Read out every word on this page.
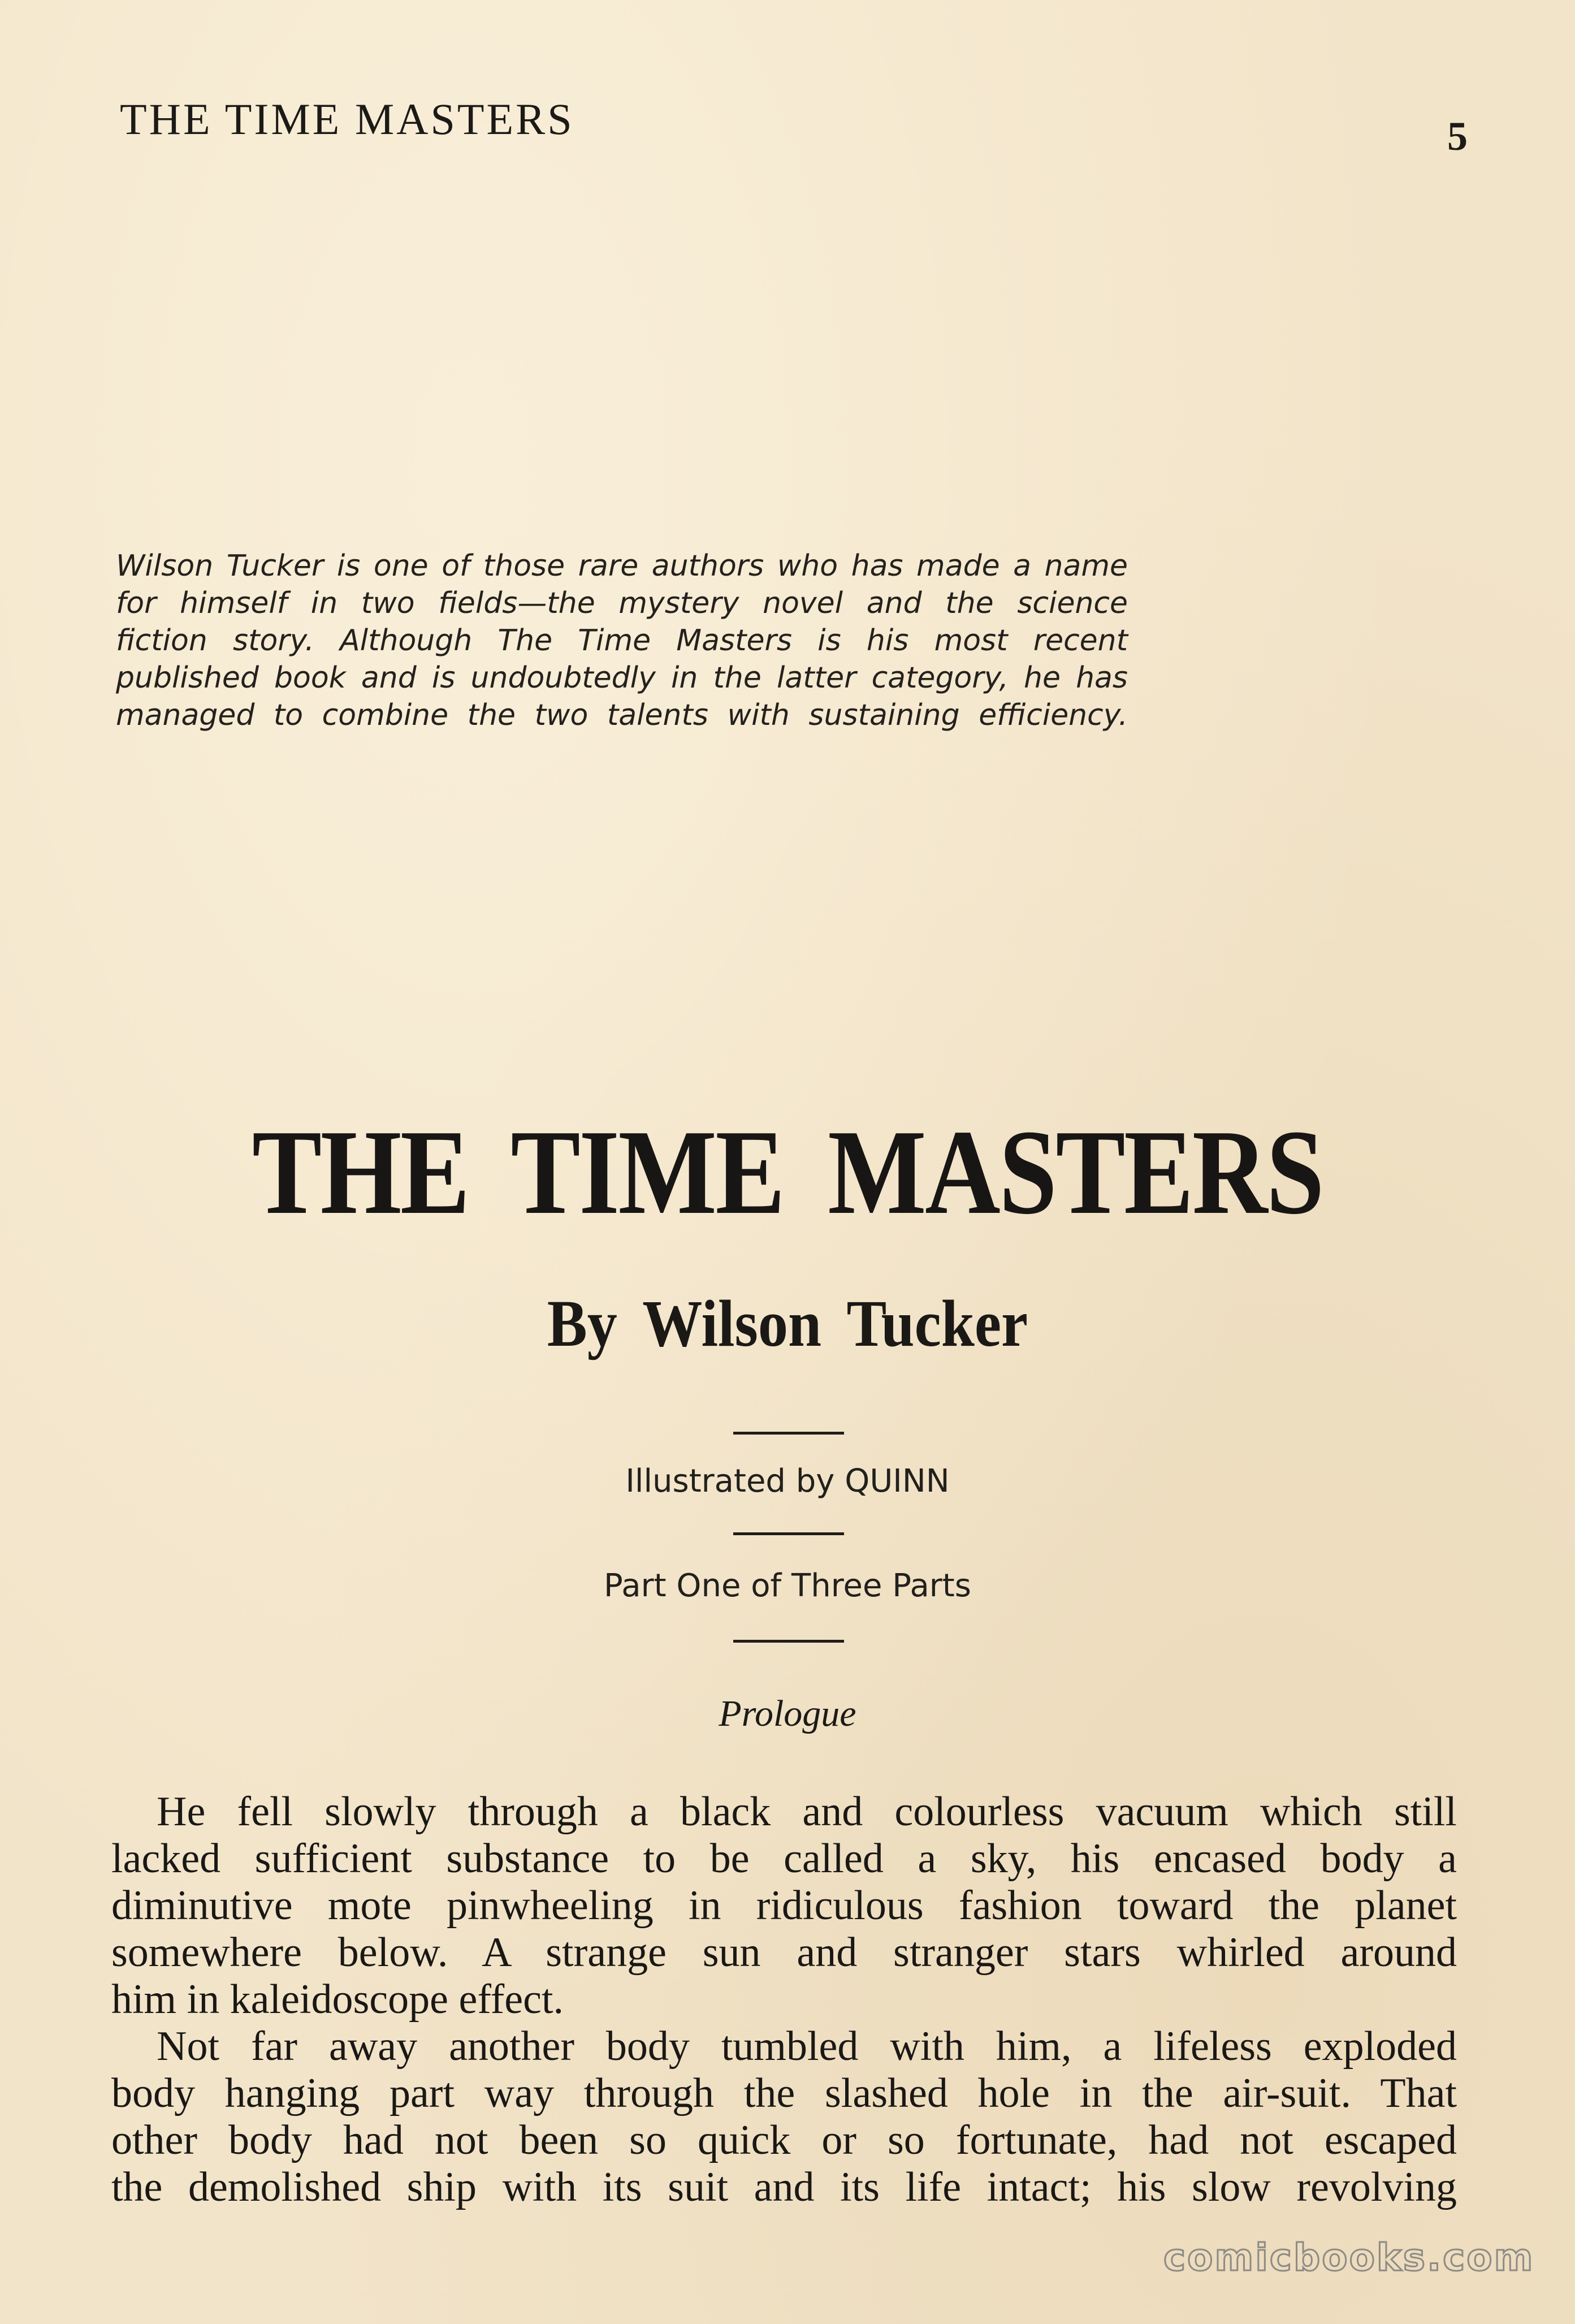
THE TIME MASTERS	5
Wilson Tucker is one of those rare authors who has made a name
for himself in two fields—the mystery novel and the science
fiction story. Although The Time Masters is his most recent
published book and is undoubtedly in the latter category, he has
managed to combine the two talents with sustaining efficiency.
THE TIME MASTERS
By Wilson Tucker
Illustrated by QUINN
Part One of Three Parts
Prologue
He fell slowly through a black and colourless vacuum which still
lacked sufficient substance to be called a sky, his encased body a
diminutive mote pinwheeling in ridiculous fashion toward the planet
somewhere below. A strange sun and stranger stars whirled around
him in kaleidoscope effect.
Not far away another body tumbled with him, a lifeless exploded
body hanging part way through the slashed hole in the air-suit. That
other body had not been so quick or so fortunate, had not escaped
the demolished ship with its suit and its life intact; his slow revolving
comicbooks.com
